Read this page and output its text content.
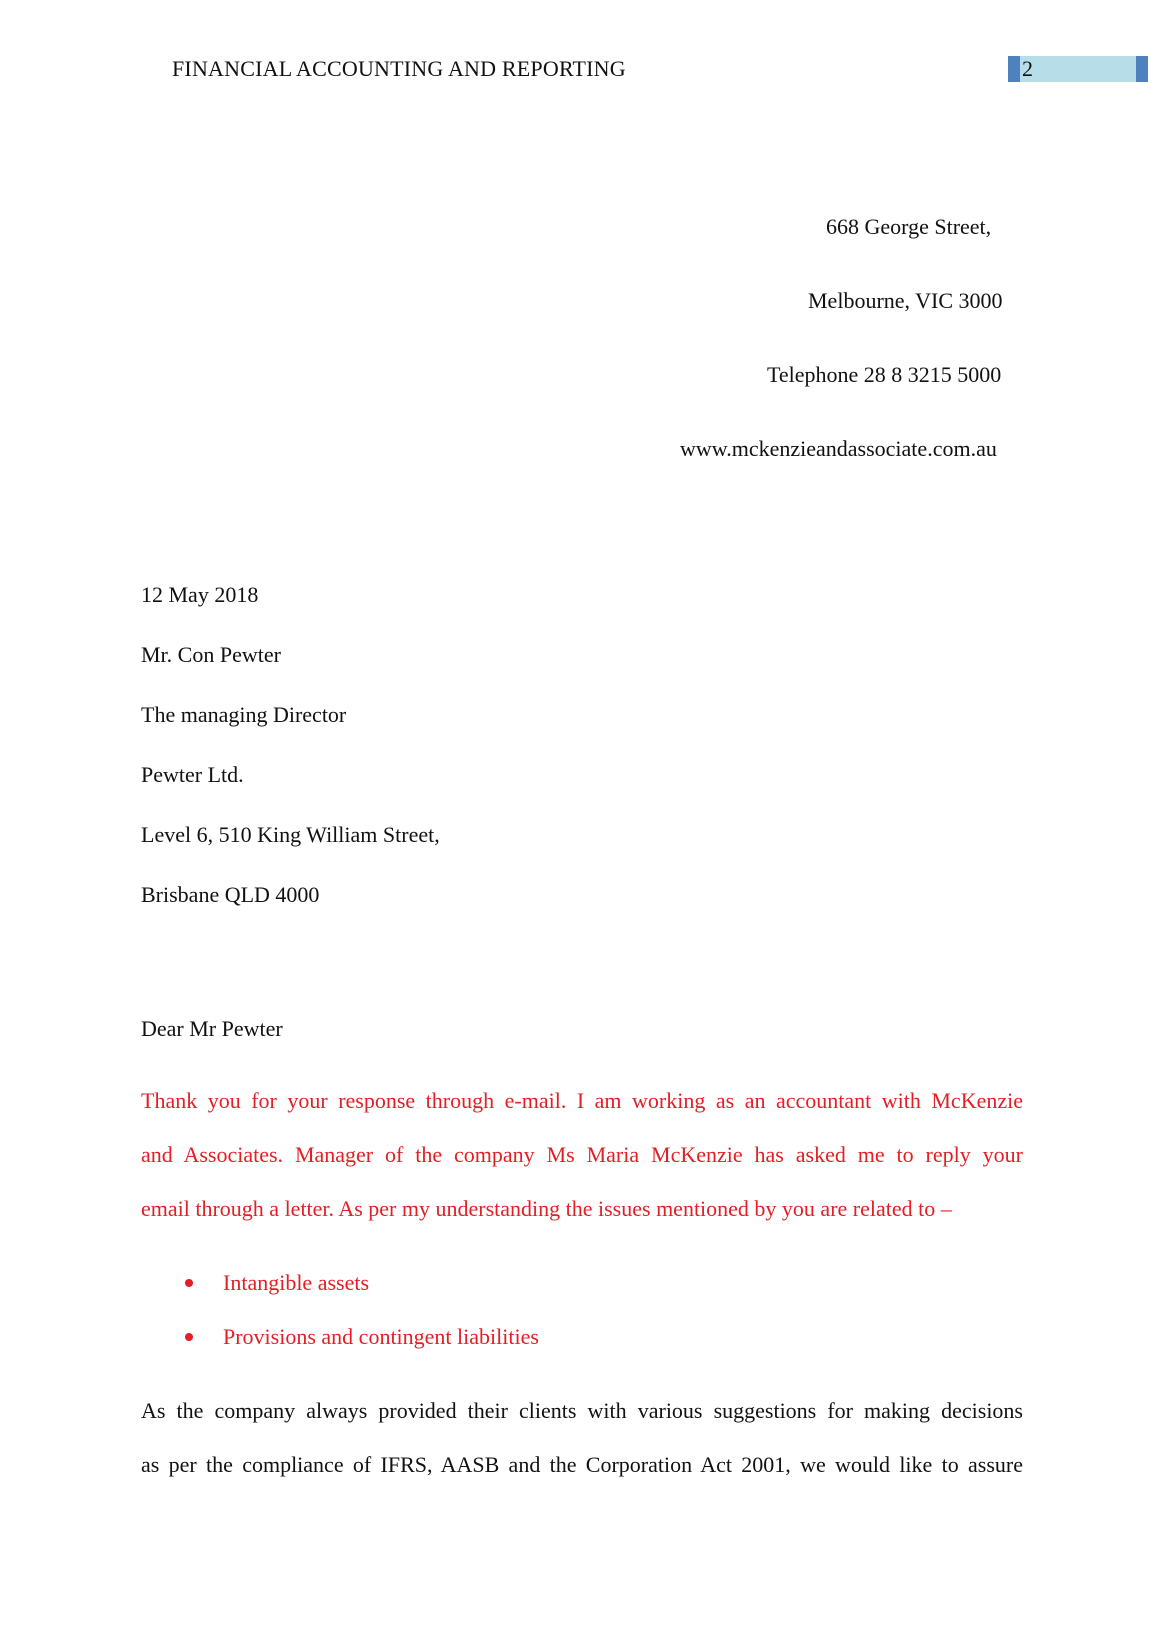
FINANCIAL ACCOUNTING AND REPORTING	2
668 George Street,
Melbourne, VIC 3000
Telephone 28 8 3215 5000
www.mckenzieandassociate.com.au
12 May 2018
Mr. Con Pewter
The managing Director
Pewter Ltd.
Level 6, 510 King William Street,
Brisbane QLD 4000
Dear Mr Pewter
Thank you for your response through e-mail. I am working as an accountant with McKenzie
and Associates. Manager of the company Ms Maria McKenzie has asked me to reply your
email through a letter. As per my understanding the issues mentioned by you are related to –
Intangible assets
Provisions and contingent liabilities
As the company always provided their clients with various suggestions for making decisions
as per the compliance of IFRS, AASB and the Corporation Act 2001, we would like to assure
